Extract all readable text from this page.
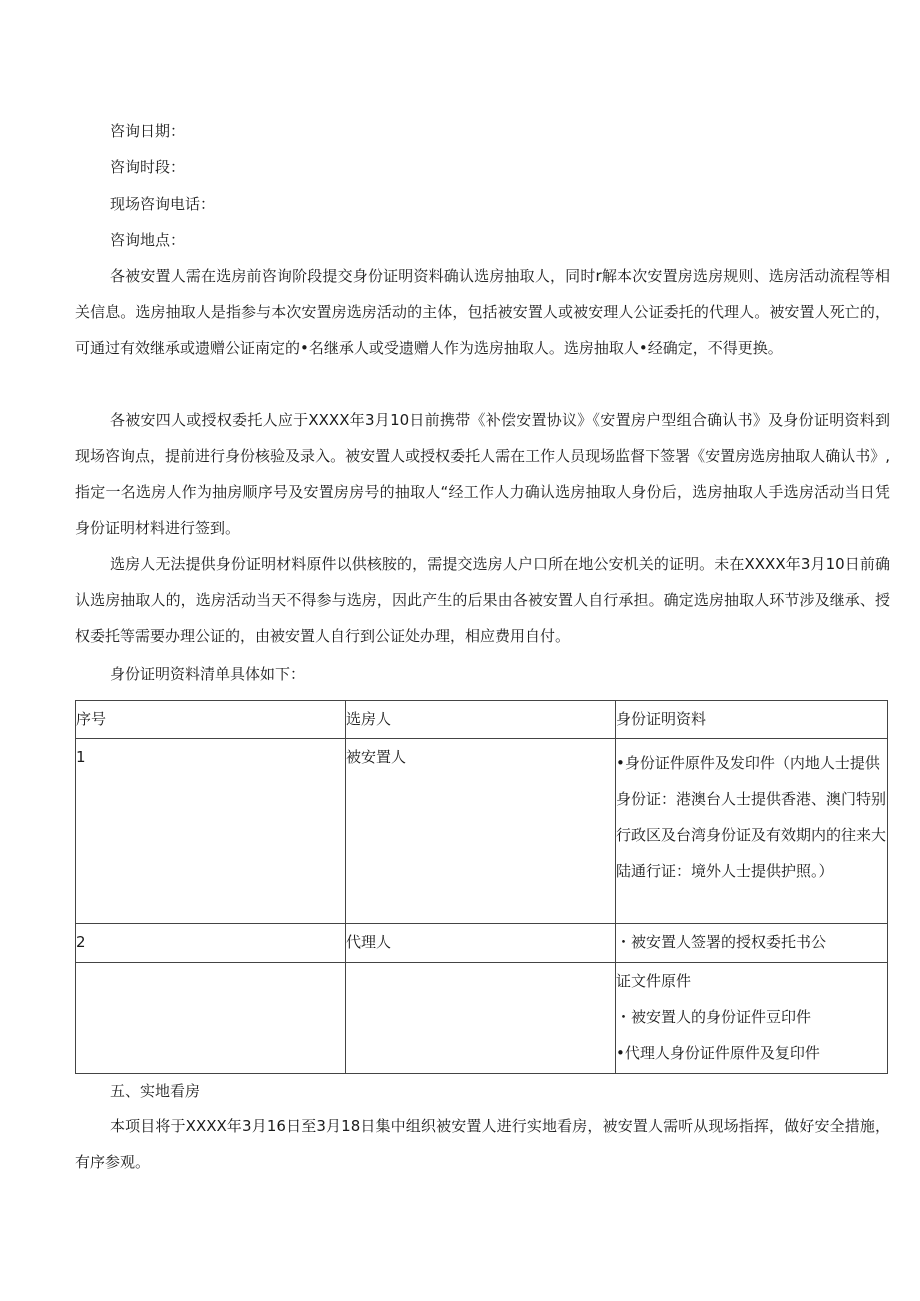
咨询日期：
咨询时段：
现场咨询电话：
咨询地点：
各被安置人需在选房前咨询阶段提交身份证明资料确认选房抽取人，同时r解本次安置房选房规则、选房活动流程等相关信息。选房抽取人是指参与本次安置房选房活动的主体，包括被安置人或被安理人公证委托的代理人。被安置人死亡的，可通过有效继承或遗赠公证南定的•名继承人或受遗赠人作为选房抽取人。选房抽取人•经确定，不得更换。
各被安四人或授权委托人应于XXXX年3月10日前携带《补偿安置协议》《安置房户型组合确认书》及身份证明资料到现场咨询点，提前进行身份核验及录入。被安置人或授权委托人需在工作人员现场监督下签署《安置房选房抽取人确认书》,指定一名选房人作为抽房顺序号及安置房房号的抽取人“经工作人力确认选房抽取人身份后，选房抽取人手选房活动当日凭身份证明材料进行签到。
选房人无法提供身份证明材料原件以供核胺的，需提交选房人户口所在地公安机关的证明。未在XXXX年3月10日前确认选房抽取人的，选房活动当天不得参与选房，因此产生的后果由各被安置人自行承担。确定选房抽取人环节涉及继承、授权委托等需要办理公证的，由被安置人自行到公证处办理，相应费用自付。
身份证明资料清单具体如下：
序号	选房人	身份证明资料
1	被安置人	•身份证件原件及发印件（内地人士提供身份证：港澳台人士提供香港、澳门特别行政区及台湾身份证及有效期内的往来大陆通行证：境外人士提供护照。）

2	代理人	・被安置人签署的授权委托书公

		证文件原件
・被安置人的身份证件豆印件
•代理人身份证件原件及复印件
五、实地看房
本项目将于XXXX年3月16日至3月18日集中组织被安置人进行实地看房，被安置人需听从现场指挥，做好安全措施，有序参观。
